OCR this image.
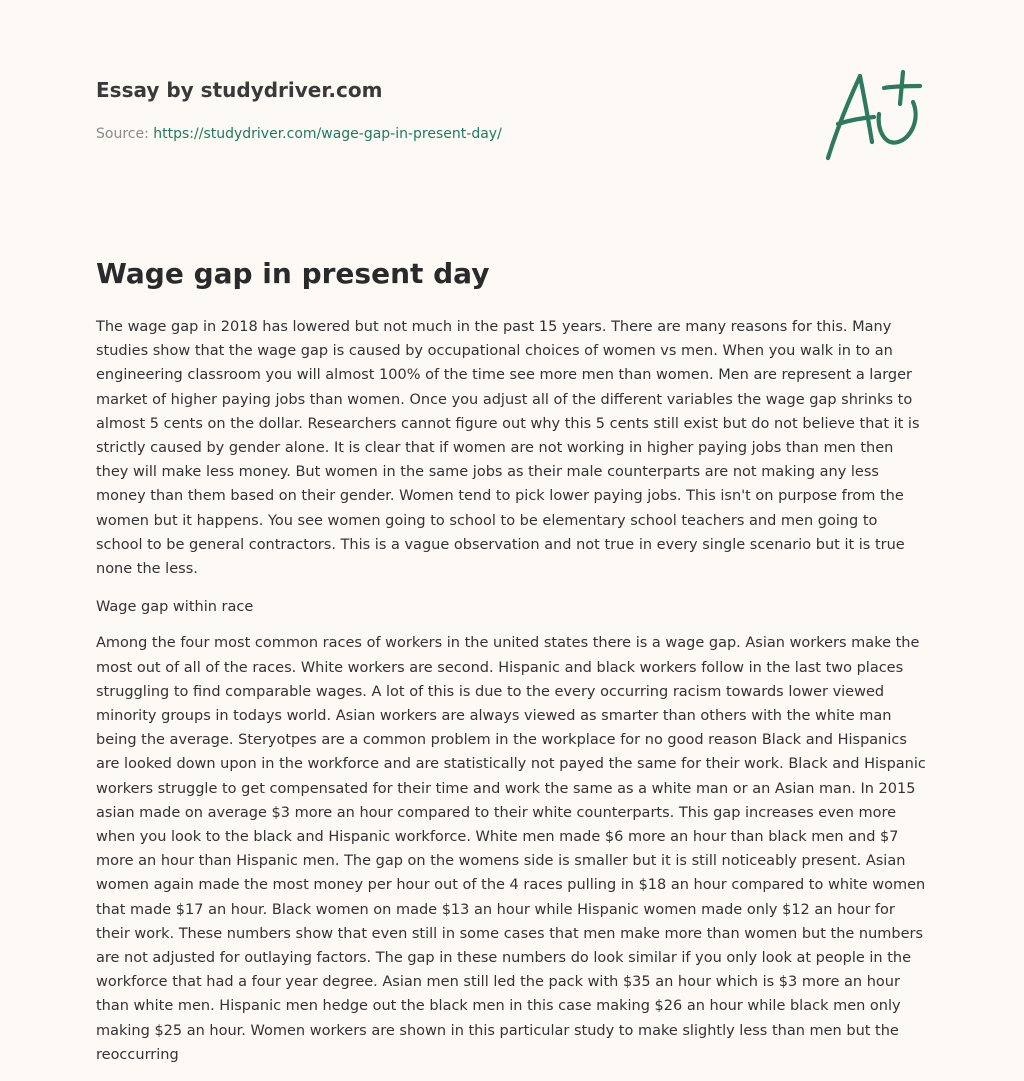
Essay by studydriver.com
Source: https://studydriver.com/wage-gap-in-present-day/
Wage gap in present day

The wage gap in 2018 has lowered but not much in the past 15 years. There are many reasons for this. Many studies show that the wage gap is caused by occupational choices of women vs men. When you walk in to an engineering classroom you will almost 100% of the time see more men than women. Men are represent a larger market of higher paying jobs than women. Once you adjust all of the different variables the wage gap shrinks to almost 5 cents on the dollar. Researchers cannot figure out why this 5 cents still exist but do not believe that it is strictly caused by gender alone. It is clear that if women are not working in higher paying jobs than men then they will make less money. But women in the same jobs as their male counterparts are not making any less money than them based on their gender. Women tend to pick lower paying jobs. This isn't on purpose from the women but it happens. You see women going to school to be elementary school teachers and men going to school to be general contractors. This is a vague observation and not true in every single scenario but it is true none the less.

Wage gap within race

Among the four most common races of workers in the united states there is a wage gap. Asian workers make the most out of all of the races. White workers are second. Hispanic and black workers follow in the last two places struggling to find comparable wages. A lot of this is due to the every occurring racism towards lower viewed minority groups in todays world. Asian workers are always viewed as smarter than others with the white man being the average. Steryotpes are a common problem in the workplace for no good reason Black and Hispanics are looked down upon in the workforce and are statistically not payed the same for their work. Black and Hispanic workers struggle to get compensated for their time and work the same as a white man or an Asian man. In 2015 asian made on average $3 more an hour compared to their white counterparts. This gap increases even more when you look to the black and Hispanic workforce. White men made $6 more an hour than black men and $7 more an hour than Hispanic men. The gap on the womens side is smaller but it is still noticeably present. Asian women again made the most money per hour out of the 4 races pulling in $18 an hour compared to white women that made $17 an hour. Black women on made $13 an hour while Hispanic women made only $12 an hour for their work. These numbers show that even still in some cases that men make more than women but the numbers are not adjusted for outlaying factors. The gap in these numbers do look similar if you only look at people in the workforce that had a four year degree. Asian men still led the pack with $35 an hour which is $3 more an hour than white men. Hispanic men hedge out the black men in this case making $26 an hour while black men only making $25 an hour. Women workers are shown in this particular study to make slightly less than men but the reoccurring
